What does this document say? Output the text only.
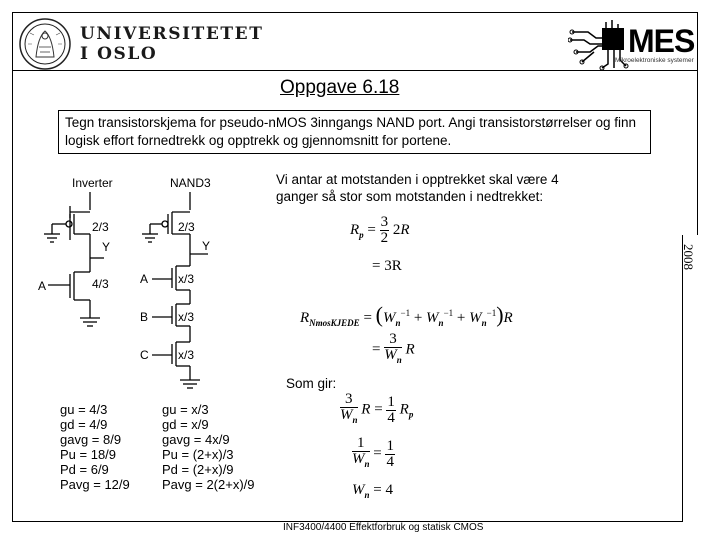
UNIVERSITETET
I OSLO	MES
Mikroelektroniske systemer
Oppgave 6.18
Tegn transistorskjema for pseudo-nMOS 3inngangs NAND port. Angi transistorstørrelser og finn logisk effort fornedtrekk og opptrekk og gjennomsnitt for portene.
Inverter
2/3
Y
A	4/3
NAND3
2/3
Y
A
B
C
x/3
x/3
x/3
Vi antar at motstanden i opptrekket skal være 4 ganger så stor som motstanden i nedtrekket:
$R_p = \frac{3}{2} 2R$
= 3R
$R_{NmosKJEDE} = (W_n^{-1} + W_n^{-1} + W_n^{-1})R$
= $\frac{3}{W_n}$ R
Som gir:
$\frac{3}{W_n}$ $R = \frac{1}{4} R_p$
$\frac{1}{W_n} = \frac{1}{4}$
$W_n = 4$
gu = 4/3
gd = 4/9
gavg = 8/9
Pu = 18/9
Pd = 6/9
Pavg = 12/9
gu = x/3
gd = x/9
gavg = 4x/9
Pu = (2+x)/3
Pd = (2+x)/9
Pavg = 2(2+x)/9
2008
INF3400/4400 Effektforbruk og statisk CMOS
